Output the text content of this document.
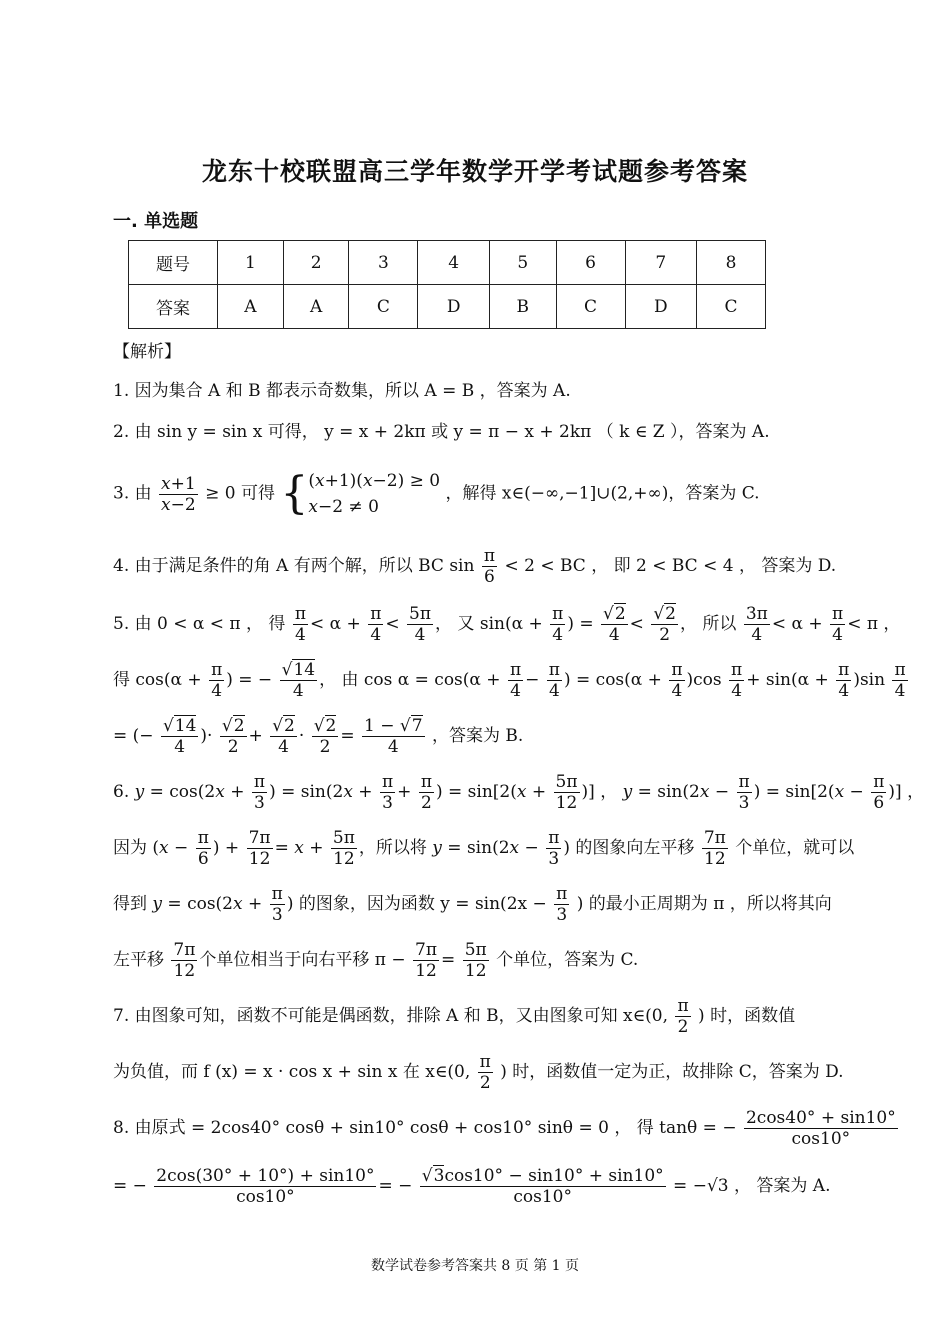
龙东十校联盟高三学年数学开学考试题参考答案
一. 单选题
题号	1	2	3	4	5	6	7	8
答案	A	A	C	D	B	C	D	C
【解析】
1. 因为集合 A 和 B 都表示奇数集，所以 A = B ，答案为 A.
2. 由 sin y = sin x 可得， y = x + 2kπ 或 y = π − x + 2kπ （ k ∈ Z ），答案为 A.
3. 由 $\frac{x+1}{x-2} \ge 0$ 可得 {(x+1)(x−2) ≥ 0
x−2 ≠ 0 ，解得 x∈(−∞,−1]∪(2,+∞)，答案为 C.
4. 由于满足条件的角 A 有两个解，所以 BC $\sin \frac{\pi}{6} < 2$ < BC ， 即 2 < BC < 4 ， 答案为 D.
5. 由 0 < α < π ， 得 $\frac{\pi}{4} < \alpha + \frac{\pi}{4} < \frac{5\pi}{4}$ ， 又 $\sin(\alpha + \frac{\pi}{4}$ ) = $\frac{√2}{4} < \frac{√2}{2}$ ， 所以 $\frac{3\pi}{4} < \alpha + \frac{\pi}{4} < \pi$ ，
得 $\cos(\alpha + \frac{\pi}{4}$ ) = − $\frac{√14}{4}$ ， 由 $\cos \alpha = \cos(\alpha + \frac{\pi}{4} - \frac{\pi}{4}$ ) = $\cos(\alpha + \frac{\pi}{4} )\cos \frac{\pi}{4} + \sin(\alpha + \frac{\pi}{4} )\sin \frac{\pi}{4}$
= (− $\frac{√14}{4}$ )· $\frac{√2}{2} + \frac{√2}{4} \cdot \frac{√2}{2} = \frac{1 - √7}{4}$ ，答案为 B.
6. $y = \cos(2x + \frac{\pi}{3}$ ) = $\sin(2x + \frac{\pi}{3} + \frac{\pi}{2}$ ) = $\sin[2(x + \frac{5\pi}{12}$ )] ， $y = \sin(2x - \frac{\pi}{3}$ ) = $\sin[2(x - \frac{\pi}{6}$ )] ，
因为 ($x - \frac{\pi}{6}$ ) + $\frac{7\pi}{12} = x + \frac{5\pi}{12}$ ，所以将 $y = \sin(2x - \frac{\pi}{3}$ ) 的图象向左平移 $\frac{7\pi}{12}$ 个单位，就可以
得到 $y = \cos(2x + \frac{\pi}{3}$ ) 的图象，因为函数 $y = \sin(2x - \frac{\pi}{3}$ ) 的最小正周期为 π ，所以将其向
左平移 $\frac{7\pi}{12}$ 个单位相当于向右平移 $\pi - \frac{7\pi}{12} = \frac{5\pi}{12}$ 个单位，答案为 C.
7. 由图象可知，函数不可能是偶函数，排除 A 和 B，又由图象可知 x∈(0, $\frac{\pi}{2}$ ) 时，函数值
为负值，而 f (x) = x · cos x + sin x 在 x∈(0, $\frac{\pi}{2}$ ) 时，函数值一定为正，故排除 C，答案为 D.
8. 由原式 = 2cos40° cosθ + sin10° cosθ + cos10° sinθ = 0 ， 得 tanθ = − $\frac{2\cos 40^\circ + \sin 10^\circ}{\cos 10^\circ}$
= − $\frac{2\cos(30^\circ + 10^\circ) + \sin 10^\circ}{\cos 10^\circ}$ = − $\frac{√3\cos 10^\circ - \sin 10^\circ + \sin 10^\circ}{\cos 10^\circ} = -√3$ ， 答案为 A.
数学试卷参考答案共 8 页 第 1 页
